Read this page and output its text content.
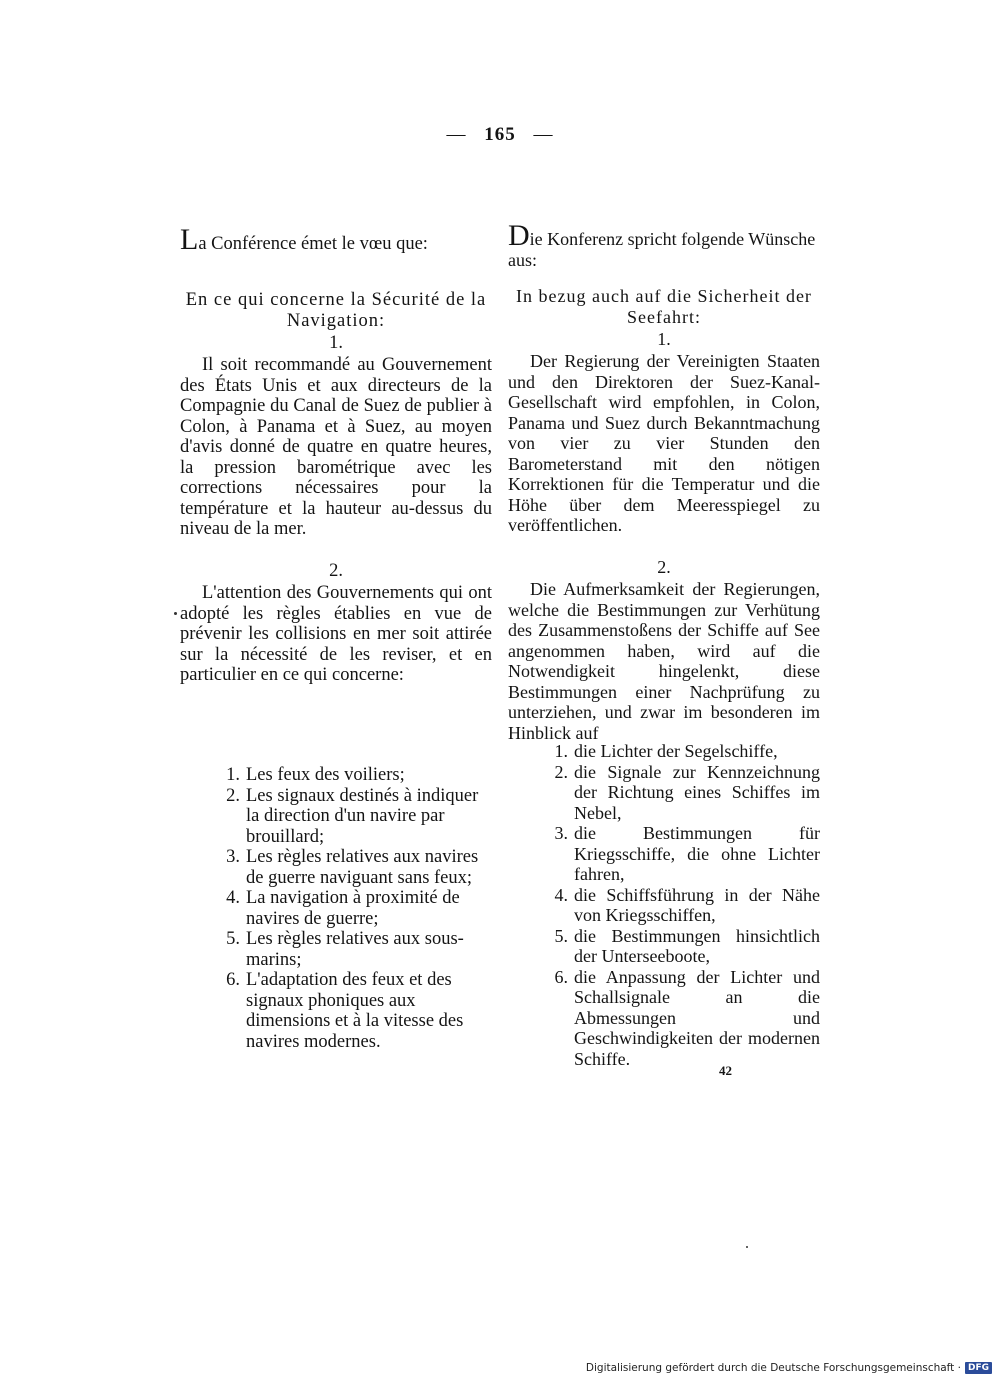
— 165 —

La Conférence émet le vœu que:

En ce qui concerne la Sécurité de la Navigation:

1.

Il soit recommandé au Gouvernement des États Unis et aux directeurs de la Compagnie du Canal de Suez de publier à Colon, à Panama et à Suez, au moyen d'avis donné de quatre en quatre heures, la pression barométrique avec les corrections nécessaires pour la température et la hauteur au-dessus du niveau de la mer.

2.

L'attention des Gouvernements qui ont adopté les règles établies en vue de prévenir les collisions en mer soit attirée sur la nécessité de les reviser, et en particulier en ce qui concerne:

1. Les feux des voiliers;
2. Les signaux destinés à indiquer la direction d'un navire par brouillard;
3. Les règles relatives aux navires de guerre naviguant sans feux;
4. La navigation à proximité de navires de guerre;
5. Les règles relatives aux sous-marins;
6. L'adaptation des feux et des signaux phoniques aux dimensions et à la vitesse des navires modernes.

Die Konferenz spricht folgende Wünsche aus:

In bezug auch auf die Sicherheit der Seefahrt:

1.

Der Regierung der Vereinigten Staaten und den Direktoren der Suez-Kanal-Gesellschaft wird empfohlen, in Colon, Panama und Suez durch Bekanntmachung von vier zu vier Stunden den Barometerstand mit den nötigen Korrektionen für die Temperatur und die Höhe über dem Meeresspiegel zu veröffentlichen.

2.

Die Aufmerksamkeit der Regierungen, welche die Bestimmungen zur Verhütung des Zusammenstoßens der Schiffe auf See angenommen haben, wird auf die Notwendigkeit hingelenkt, diese Bestimmungen einer Nachprüfung zu unterziehen, und zwar im besonderen im Hinblick auf

1. die Lichter der Segelschiffe,
2. die Signale zur Kennzeichnung der Richtung eines Schiffes im Nebel,
3. die Bestimmungen für Kriegsschiffe, die ohne Lichter fahren,
4. die Schiffsführung in der Nähe von Kriegsschiffen,
5. die Bestimmungen hinsichtlich der Unterseeboote,
6. die Anpassung der Lichter und Schallsignale an die Abmessungen und Geschwindigkeiten der modernen Schiffe.
42
Digitalisierung gefördert durch die Deutsche Forschungsgemeinschaft · DFG
